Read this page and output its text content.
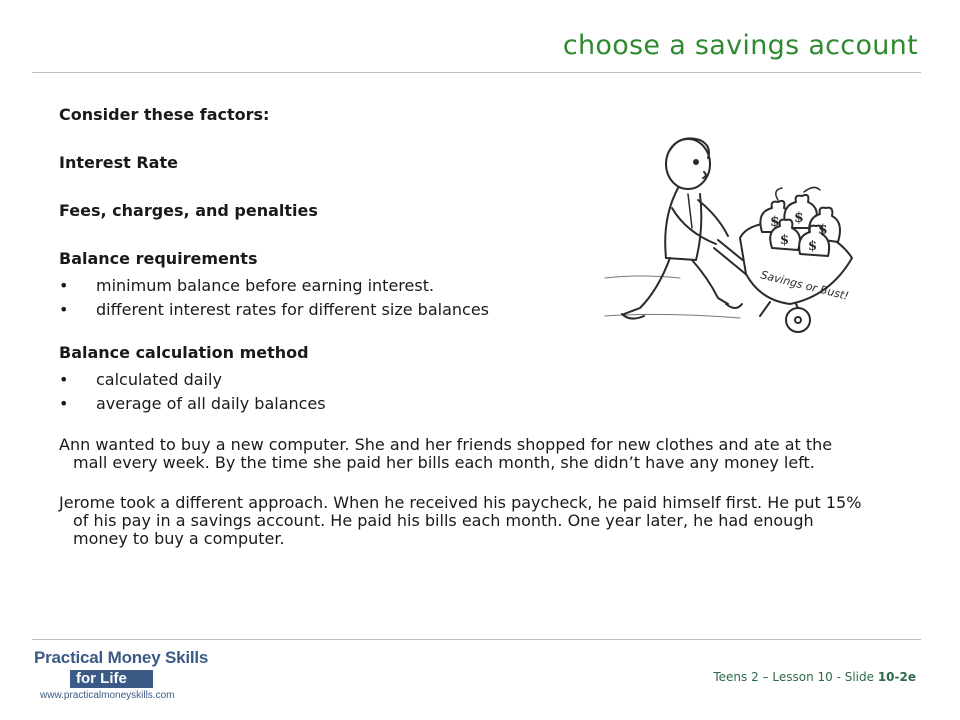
choose a savings account

Consider these factors:

Interest Rate

Fees, charges, and penalties

Balance requirements

• minimum balance before earning interest.
• different interest rates for different size balances

Balance calculation method

• calculated daily
• average of all daily balances

Ann wanted to buy a new computer. She and her friends shopped for new clothes and ate at the mall every week. By the time she paid her bills each month, she didn’t have any money left.

Jerome took a different approach. When he received his paycheck, he paid himself first. He put 15% of his pay in a savings account. He paid his bills each month. One year later, he had enough money to buy a computer.

$ $
$
$ $
Savings or Bust!
Practical Money Skills
for Life
www.practicalmoneyskills.com
Teens 2 – Lesson 10 - Slide 10-2e
